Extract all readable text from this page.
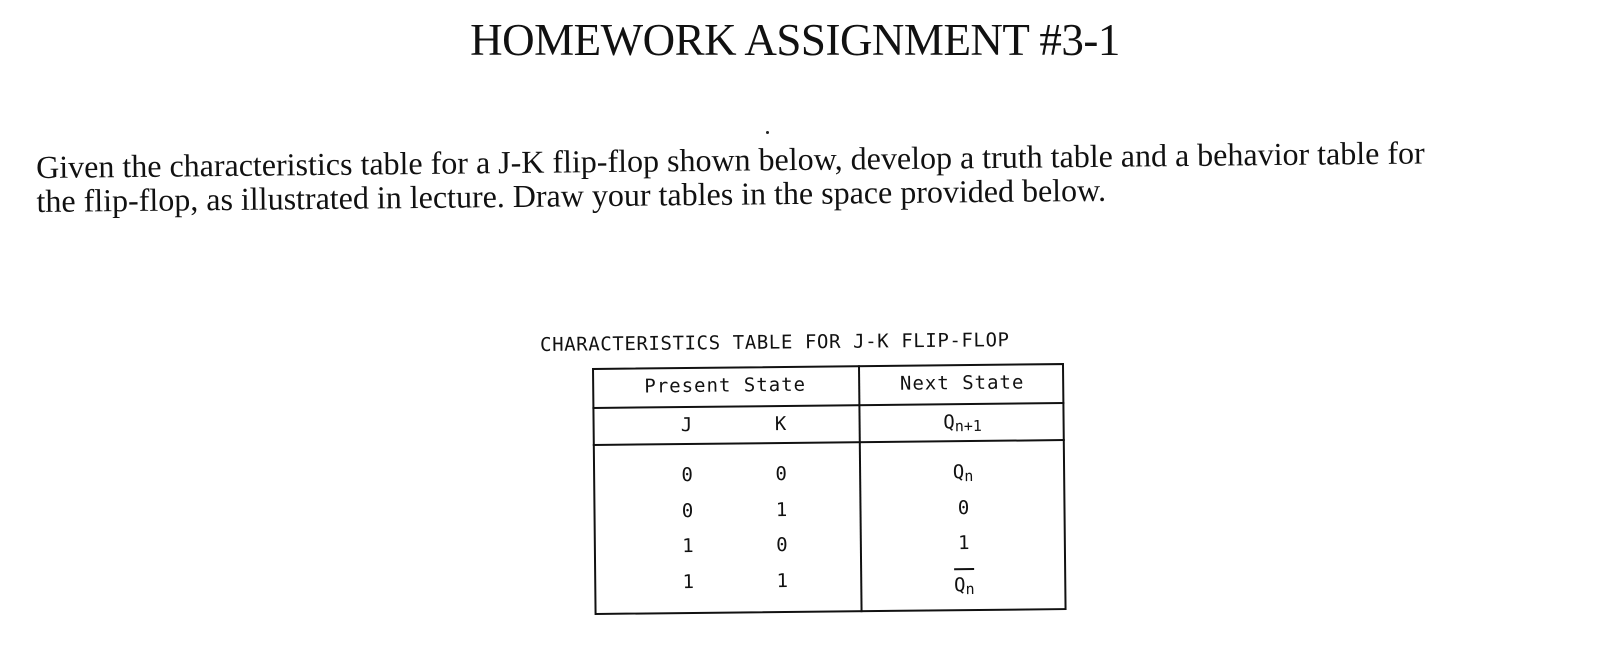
HOMEWORK ASSIGNMENT #3-1
Given the characteristics table for a J-K flip-flop shown below, develop a truth table and a behavior table for
the flip-flop, as illustrated in lecture. Draw your tables in the space provided below.
CHARACTERISTICS TABLE FOR J-K FLIP-FLOP
Present State	Next State
J	K	$Q_{n+1}$
0	0	$Q_n$
0	1	0
1	0	1
1	1	$Q_n$
